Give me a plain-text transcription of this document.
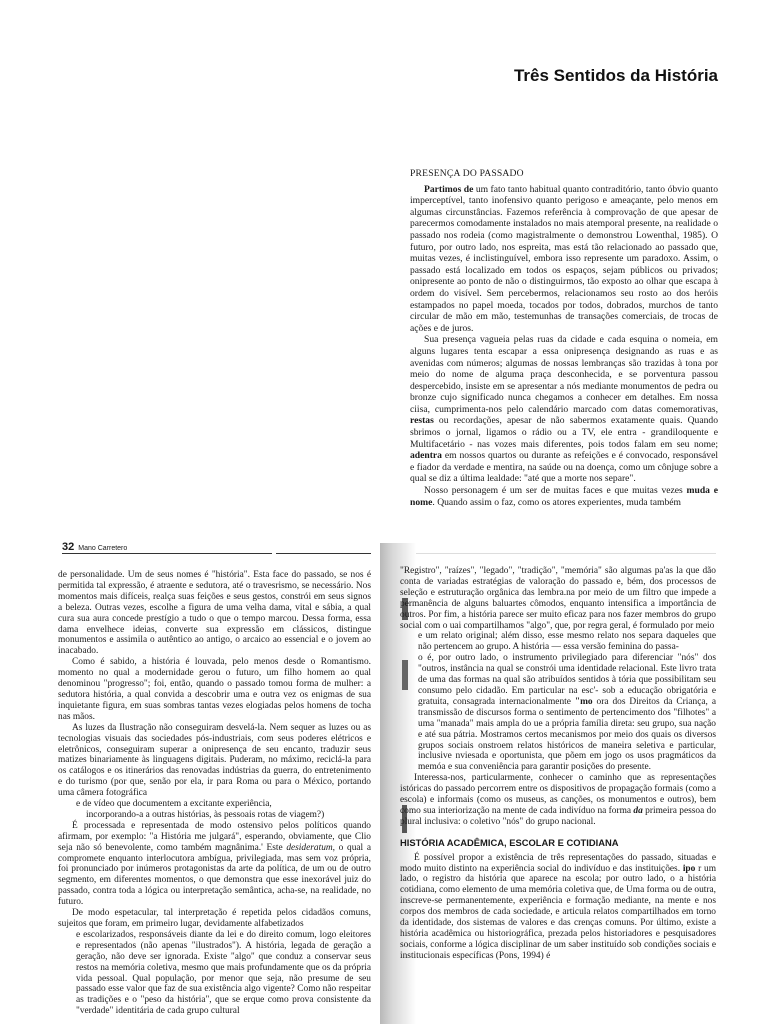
Três Sentidos da História
PRESENÇA DO PASSADO

Partimos de um fato tanto habitual quanto contraditório, tanto óbvio quanto imperceptível, tanto inofensivo quanto perigoso e ameaçante, pelo menos em algumas circunstâncias. Fazemos referência à comprovação de que apesar de parecermos comodamente instalados no mais atemporal presente, na realidade o passado nos rodeia (como magistralmente o demonstrou Lowenthal, 1985). O futuro, por outro lado, nos espreita, mas está tão relacionado ao passado que, muitas vezes, é inclistinguível, embora isso represente um paradoxo. Assim, o passado está localizado em todos os espaços, sejam públicos ou privados; onipresente ao ponto de não o distinguirmos, tão exposto ao olhar que escapa à ordem do visível. Sem percebermos, relacionamos seu rosto ao dos heróis estampados no papel moeda, tocados por todos, dobrados, murchos de tanto circular de mão em mão, testemunhas de transações comerciais, de trocas de ações e de juros.

Sua presença vagueia pelas ruas da cidade e cada esquina o nomeia, em alguns lugares tenta escapar a essa onipresença designando as ruas e as avenidas com números; algumas de nossas lembranças são trazidas à tona por meio do nome de alguma praça desconhecida, e se porventura passou despercebido, insiste em se apresentar a nós mediante monumentos de pedra ou bronze cujo significado nunca chegamos a conhecer em detalhes. Em nossa ciisa, cumprimenta-nos pelo calendário marcado com datas comemorativas, restas ou recordações, apesar de não sabermos exatamente quais. Quando sbrimos o jornal, ligamos o rádio ou a TV, ele entra - grandiloquente e Multifacetário - nas vozes mais diferentes, pois todos falam em seu nome; adentra em nossos quartos ou durante as refeições e é convocado, responsável e fiador da verdade e mentira, na saúde ou na doença, como um cônjuge sobre a qual se diz a última lealdade: "até que a morte nos separe".

Nosso personagem é um ser de muitas faces e que muitas vezes muda e nome. Quando assim o faz, como os atores experientes, muda também

32 Mano Carretero

de personalidade. Um de seus nomes é "história". Esta face do passado, se nos é permitida tal expressão, é atraente e sedutora, até o travesrismo, se necessário. Nos momentos mais difíceis, realça suas feições e seus gestos, constrói em seus signos a beleza. Outras vezes, escolhe a figura de uma velha dama, vital e sábia, a qual cura sua aura concede prestígio a tudo o que o tempo marcou. Dessa forma, essa dama envelhece ideias, converte sua expressão em clássicos, distingue monumentos e assimila o autêntico ao antigo, o arcaico ao essencial e o jovem ao inacabado.

Como é sabido, a história é louvada, pelo menos desde o Romantismo. momento no qual a modernidade gerou o futuro, um filho homem ao qual denominou "progresso"; foi, então, quando o passado tomou forma de mulher: a sedutora história, a qual convida a descobrir uma e outra vez os enigmas de sua inquietante figura, em suas sombras tantas vezes elogiadas pelos homens de tocha nas mãos.

As luzes da Ilustração não conseguiram desvelá-la. Nem sequer as luzes ou as tecnologias visuais das sociedades pós-industriais, com seus poderes elétricos e eletrônicos, conseguiram superar a onipresença de seu encanto, traduzir seus matizes binariamente às linguagens digitais. Puderam, no máximo, reciclá-la para os catálogos e os itinerários das renovadas indústrias da guerra, do entretenimento e do turismo (por que, senão por ela, ir para Roma ou para o México, portando uma câmera fotográfica

e de vídeo que documentem a excitante experiência,

incorporando-a a outras histórias, às pessoais rotas de viagem?)

É processada e representada de modo ostensivo pelos políticos quando afirmam, por exemplo: "a História me julgará", esperando, obviamente, que Clio seja não só benevolente, como também magnânima.' Este desideratum, o qual a compromete enquanto interlocutora ambígua, privilegiada, mas sem voz própria, foi pronunciado por inúmeros protagonistas da arte da política, de um ou de outro segmento, em diferentes momentos, o que demonstra que esse inexorável juiz do passado, contra toda a lógica ou interpretação semântica, acha-se, na realidade, no futuro.

De modo espetacular, tal interpretação é repetida pelos cidadãos comuns, sujeitos que foram, em primeiro lugar, devidamente alfabetizados

e escolarizados, responsáveis diante da lei e do direito comum, logo eleitores e representados (não apenas "ilustrados"). A história, legada de geração a geração, não deve ser ignorada. Existe "algo" que conduz a conservar seus restos na memória coletiva, mesmo que mais profundamente que os da própria vida pessoal. Qual população, por menor que seja, não presume de seu passado esse valor que faz de sua existência algo vigente? Como não respeitar as tradições e o "peso da história", que se erque como prova consistente da "verdade" identitária de cada grupo cultural

"Registro", "raízes", "legado", "tradição", "memória" são algumas pa'as la que dão conta de variadas estratégias de valoração do passado e, bém, dos processos de seleção e estruturação orgânica das lembra.na por meio de um filtro que impede a permanência de alguns baluartes cômodos, enquanto intensifica a importância de outros. Por fim, a história parece ser muito eficaz para nos fazer membros do grupo social com o uai compartilhamos "algo", que, por regra geral, é formulado por meio

e um relato original; além disso, esse mesmo relato nos separa daqueles que não pertencem ao grupo. A história — essa versão feminina do passa-

o é, por outro lado, o instrumento privilegiado para diferenciar "nós" dos "outros, instância na qual se constrói uma identidade relacional. Este livro trata de uma das formas na qual são atribuídos sentidos à tória que possibilitam seu consumo pelo cidadão. Em particular na esc'- sob a educação obrigatória e gratuita, consagrada internacionalmente "mo ora dos Direitos da Criança, a transmissão de discursos forma o sentimento de pertencimento dos "filhotes" a uma "manada" mais ampla do ue a própria família direta: seu grupo, sua nação e até sua pátria. Mostramos certos mecanismos por meio dos quais os diversos grupos sociais onstroem relatos históricos de maneira seletiva e particular, inclusive nviesada e oportunista, que põem em jogo os usos pragmáticos da memóa e sua conveniência para garantir posições do presente.

Interessa-nos, particularmente, conhecer o caminho que as representações istóricas do passado percorrem entre os dispositivos de propagação formais (como a escola) e informais (como os museus, as canções, os monumentos e outros), bem como sua interiorização na mente de cada indivíduo na forma da primeira pessoa do plural inclusiva: o coletivo "nós" do grupo nacional.

HISTÓRIA ACADÊMICA, ESCOLAR E COTIDIANA

É possível propor a existência de três representações do passado, situadas e modo muito distinto na experiência social do indivíduo e das instituições. ipo r um lado, o registro da história que aparece na escola; por outro lado, o a história cotidiana, como elemento de uma memória coletiva que, de Uma forma ou de outra, inscreve-se permanentemente, experiência e formação mediante, na mente e nos corpos dos membros de cada sociedade, e articula relatos compartilhados em torno da identidade, dos sistemas de valores e das crenças comuns. Por último, existe a história acadêmica ou historiográfica, prezada pelos historiadores e pesquisadores sociais, conforme a lógica disciplinar de um saber instituído sob condições sociais e institucionais específicas (Pons, 1994) é
